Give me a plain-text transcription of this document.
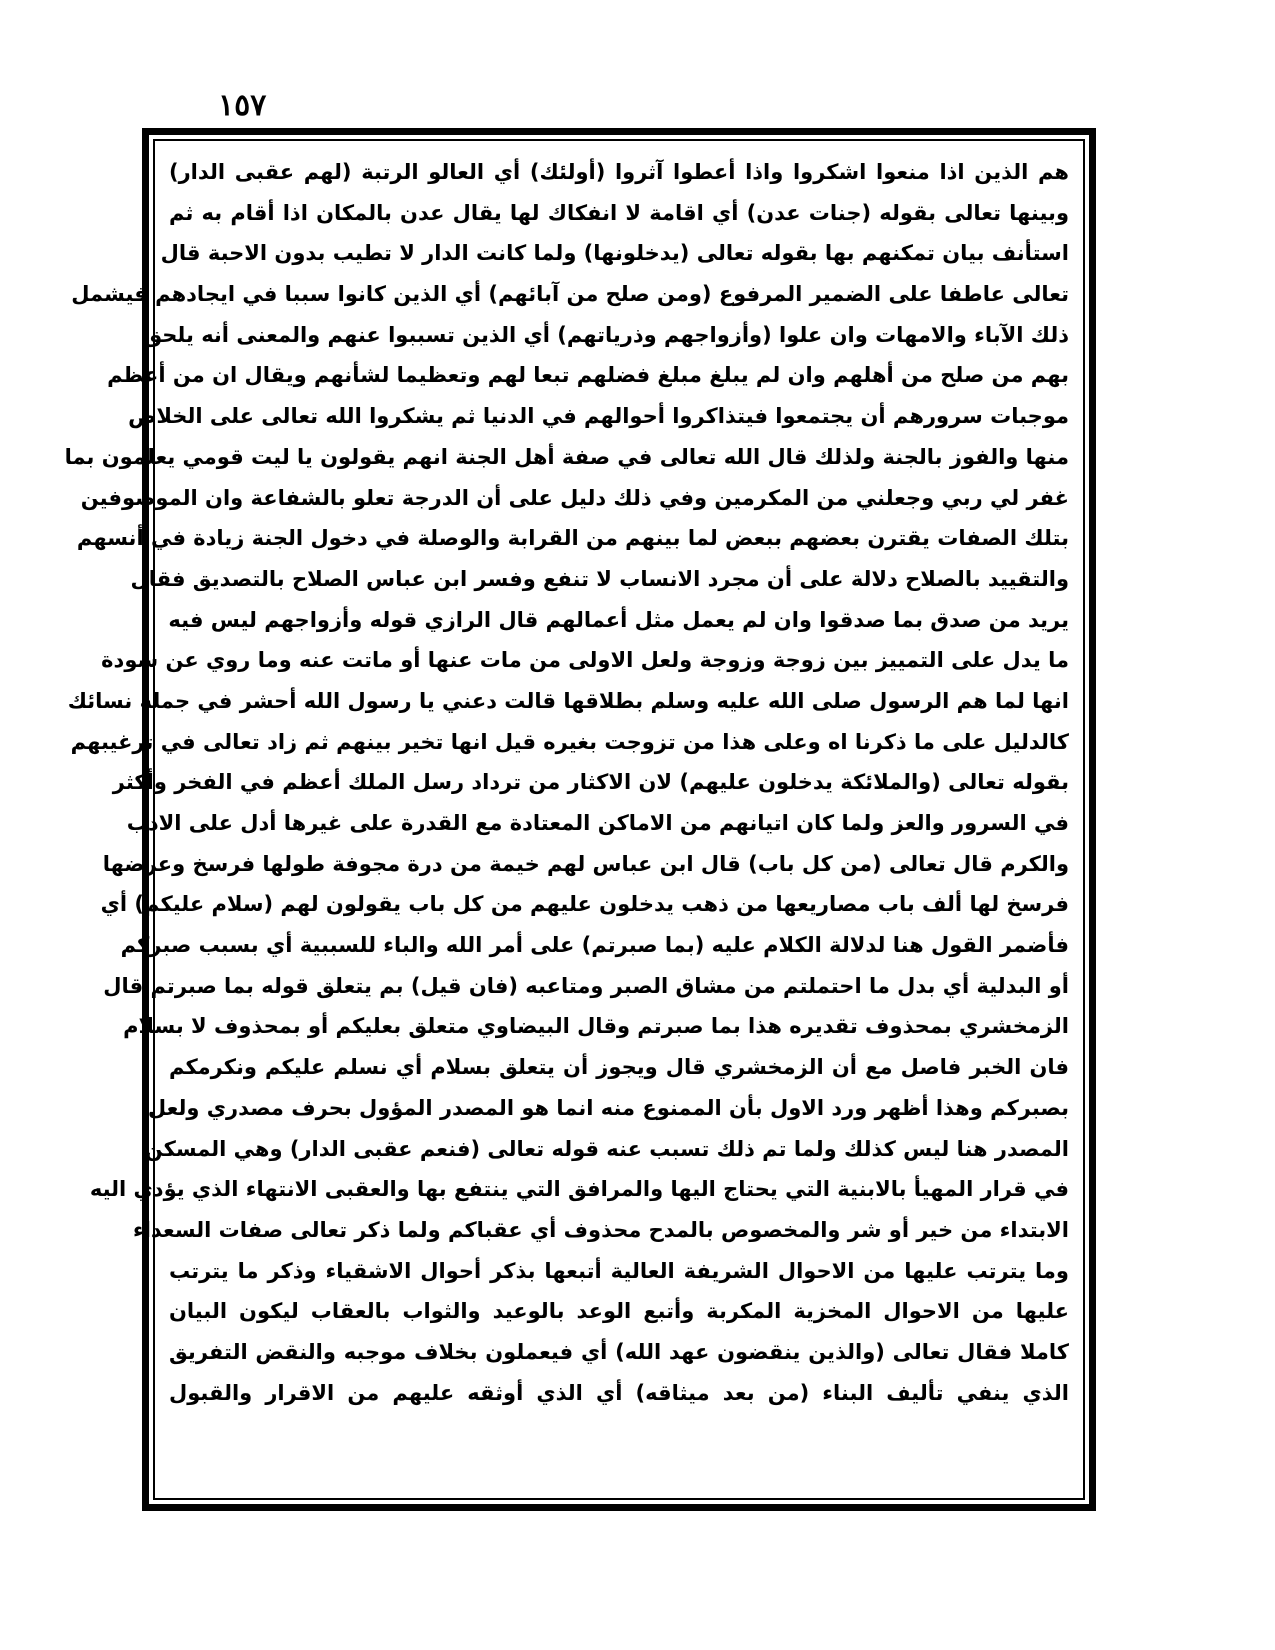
١٥٧
هم الذين اذا منعوا اشكروا واذا أعطوا آثروا (أولئك) أي العالو الرتبة (لهم عقبى الدار)
وبينها تعالى بقوله (جنات عدن) أي اقامة لا انفكاك لها يقال عدن بالمكان اذا أقام به ثم
استأنف بيان تمكنهم بها بقوله تعالى (يدخلونها) ولما كانت الدار لا تطيب بدون الاحبة قال
تعالى عاطفا على الضمير المرفوع (ومن صلح من آبائهم) أي الذين كانوا سببا في ايجادهم فيشمل
ذلك الآباء والامهات وان علوا (وأزواجهم وذرياتهم) أي الذين تسببوا عنهم والمعنى أنه يلحق
بهم من صلح من أهلهم وان لم يبلغ مبلغ فضلهم تبعا لهم وتعظيما لشأنهم ويقال ان من أعظم
موجبات سرورهم أن يجتمعوا فيتذاكروا أحوالهم في الدنيا ثم يشكروا الله تعالى على الخلاص
منها والفوز بالجنة ولذلك قال الله تعالى في صفة أهل الجنة انهم يقولون يا ليت قومي يعلمون بما
غفر لي ربي وجعلني من المكرمين وفي ذلك دليل على أن الدرجة تعلو بالشفاعة وان الموصوفين
بتلك الصفات يقترن بعضهم ببعض لما بينهم من القرابة والوصلة في دخول الجنة زيادة في أنسهم
والتقييد بالصلاح دلالة على أن مجرد الانساب لا تنفع وفسر ابن عباس الصلاح بالتصديق فقال
يريد من صدق بما صدقوا وان لم يعمل مثل أعمالهم قال الرازي قوله وأزواجهم ليس فيه
ما يدل على التمييز بين زوجة وزوجة ولعل الاولى من مات عنها أو ماتت عنه وما روي عن سودة
انها لما هم الرسول صلى الله عليه وسلم بطلاقها قالت دعني يا رسول الله أحشر في جملة نسائك
كالدليل على ما ذكرنا اه وعلى هذا من تزوجت بغيره قيل انها تخير بينهم ثم زاد تعالى في ترغيبهم
بقوله تعالى (والملائكة يدخلون عليهم) لان الاكثار من ترداد رسل الملك أعظم في الفخر وأكثر
في السرور والعز ولما كان اتيانهم من الاماكن المعتادة مع القدرة على غيرها أدل على الادب
والكرم قال تعالى (من كل باب) قال ابن عباس لهم خيمة من درة مجوفة طولها فرسخ وعرضها
فرسخ لها ألف باب مصاريعها من ذهب يدخلون عليهم من كل باب يقولون لهم (سلام عليكم) أي
فأضمر القول هنا لدلالة الكلام عليه (بما صبرتم) على أمر الله والباء للسببية أي بسبب صبركم
أو البدلية أي بدل ما احتملتم من مشاق الصبر ومتاعبه (فان قيل) بم يتعلق قوله بما صبرتم قال
الزمخشري بمحذوف تقديره هذا بما صبرتم وقال البيضاوي متعلق بعليكم أو بمحذوف لا بسلام
فان الخبر فاصل مع أن الزمخشري قال ويجوز أن يتعلق بسلام أي نسلم عليكم ونكرمكم
بصبركم وهذا أظهر ورد الاول بأن الممنوع منه انما هو المصدر المؤول بحرف مصدري ولعل
المصدر هنا ليس كذلك ولما تم ذلك تسبب عنه قوله تعالى (فنعم عقبى الدار) وهي المسكن
في قرار المهيأ بالابنية التي يحتاج اليها والمرافق التي ينتفع بها والعقبى الانتهاء الذي يؤدي اليه
الابتداء من خير أو شر والمخصوص بالمدح محذوف أي عقباكم ولما ذكر تعالى صفات السعداء
وما يترتب عليها من الاحوال الشريفة العالية أتبعها بذكر أحوال الاشقياء وذكر ما يترتب
عليها من الاحوال المخزية المكربة وأتبع الوعد بالوعيد والثواب بالعقاب ليكون البيان
كاملا فقال تعالى (والذين ينقضون عهد الله) أي فيعملون بخلاف موجبه والنقض التفريق
الذي ينفي تأليف البناء (من بعد ميثاقه) أي الذي أوثقه عليهم من الاقرار والقبول
